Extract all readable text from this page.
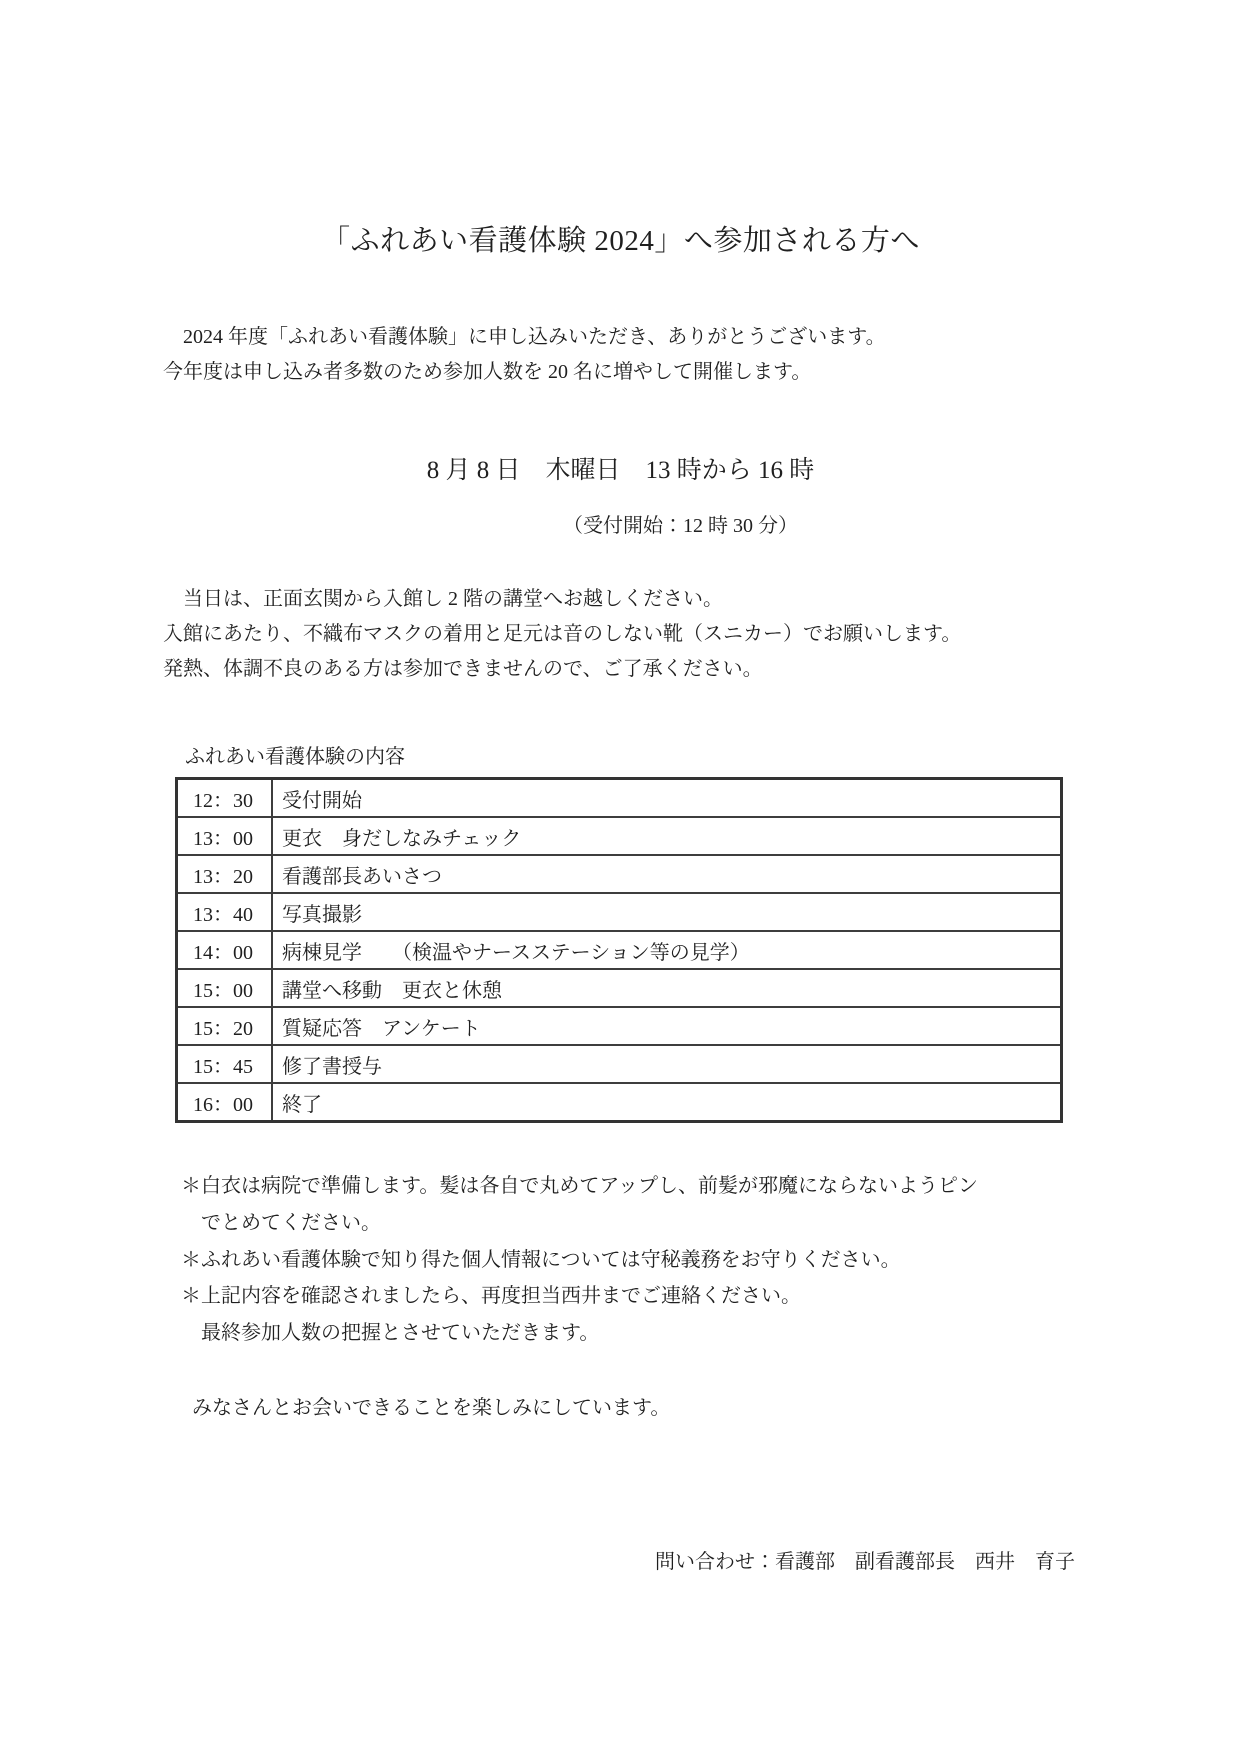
「ふれあい看護体験 2024」へ参加される方へ
　2024 年度「ふれあい看護体験」に申し込みいただき、ありがとうございます。
今年度は申し込み者多数のため参加人数を 20 名に増やして開催します。
8 月 8 日　木曜日　13 時から 16 時
（受付開始：12 時 30 分）
　当日は、正面玄関から入館し 2 階の講堂へお越しください。
入館にあたり、不織布マスクの着用と足元は音のしない靴（スニカー）でお願いします。
発熱、体調不良のある方は参加できませんので、ご了承ください。
ふれあい看護体験の内容
12：30	受付開始
13：00	更衣　身だしなみチェック
13：20	看護部長あいさつ
13：40	写真撮影
14：00	病棟見学　　（検温やナースステーション等の見学）
15：00	講堂へ移動　更衣と休憩
15：20	質疑応答　アンケート
15：45	修了書授与
16：00	終了
＊白衣は病院で準備します。髪は各自で丸めてアップし、前髪が邪魔にならないようピン
　でとめてください。
＊ふれあい看護体験で知り得た個人情報については守秘義務をお守りください。
＊上記内容を確認されましたら、再度担当西井までご連絡ください。
　最終参加人数の把握とさせていただきます。
みなさんとお会いできることを楽しみにしています。
問い合わせ：看護部　副看護部長　西井　育子
